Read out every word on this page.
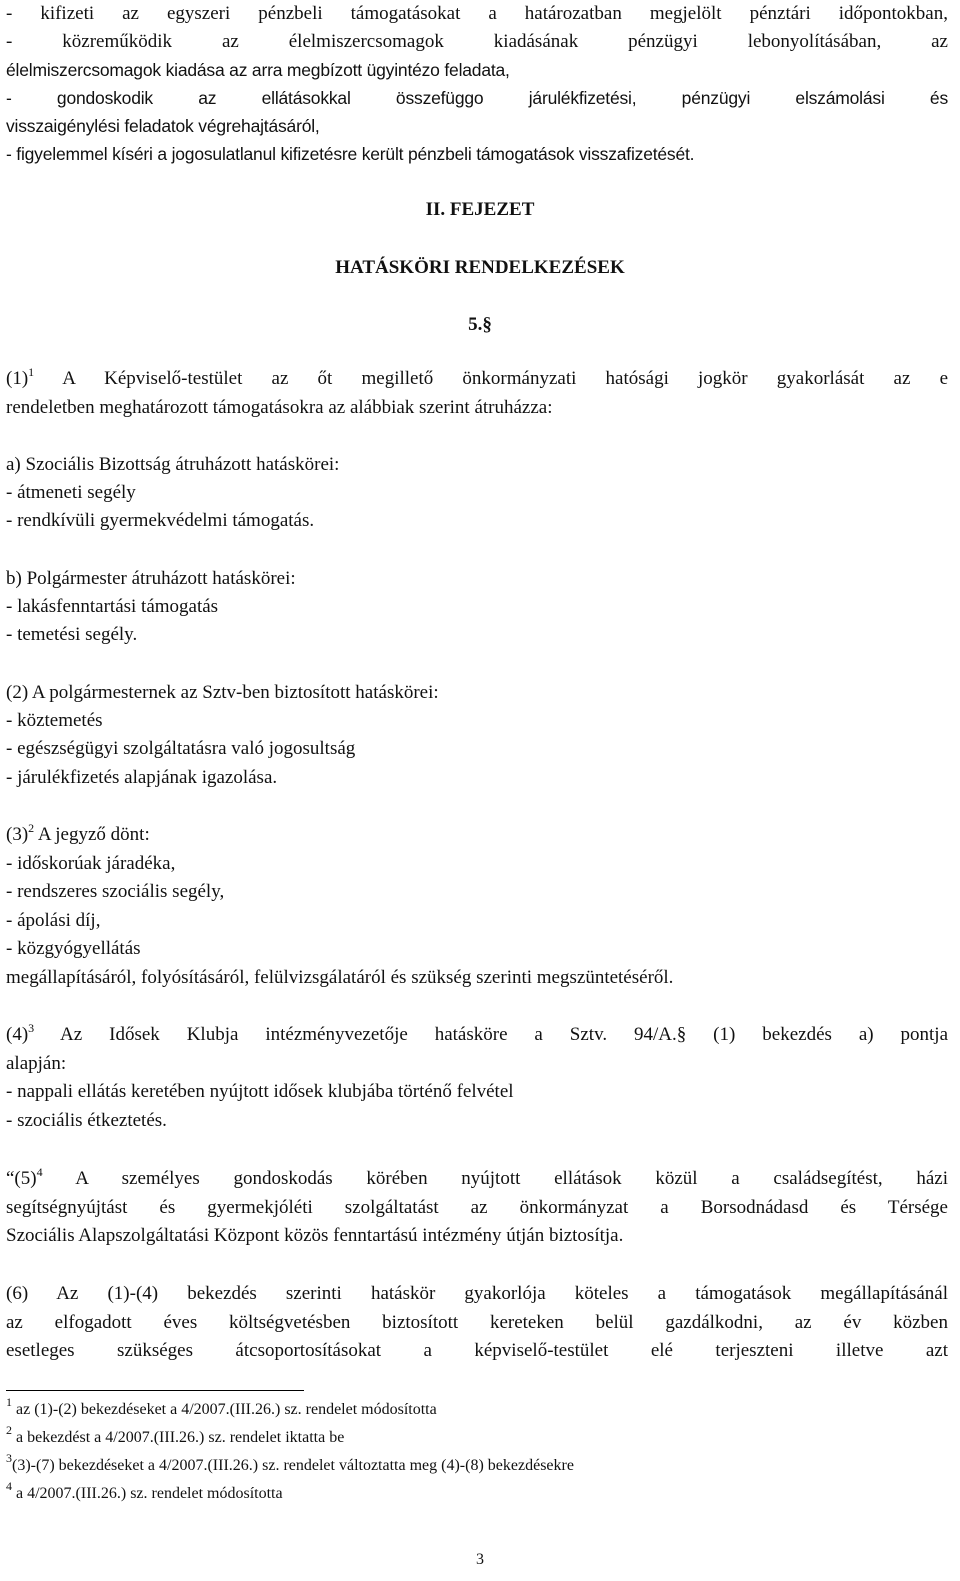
- kifizeti az egyszeri pénzbeli támogatásokat a határozatban megjelölt pénztári időpontokban,
- közreműködik az élelmiszercsomagok kiadásának pénzügyi lebonyolításában, az
élelmiszercsomagok kiadása az arra megbízott ügyintézo feladata,
- gondoskodik az ellátásokkal összefüggo járulékfizetési, pénzügyi elszámolási és
visszaigénylési feladatok végrehajtásáról,
- figyelemmel kíséri a jogosulatlanul kifizetésre került pénzbeli támogatások visszafizetését.
II. FEJEZET
HATÁSKÖRI RENDELKEZÉSEK
5.§
$(1)^1$ A Képviselő-testület az őt megillető önkormányzati hatósági jogkör gyakorlását az e
rendeletben meghatározott támogatásokra az alábbiak szerint átruházza:
a) Szociális Bizottság átruházott hatáskörei:
- átmeneti segély
- rendkívüli gyermekvédelmi támogatás.
b) Polgármester átruházott hatáskörei:
- lakásfenntartási támogatás
- temetési segély.
(2) A polgármesternek az Sztv-ben biztosított hatáskörei:
- köztemetés
- egészségügyi szolgáltatásra való jogosultság
- járulékfizetés alapjának igazolása.
$(3)^2$ A jegyző dönt:
- időskorúak járadéka,
- rendszeres szociális segély,
- ápolási díj,
- közgyógyellátás
megállapításáról, folyósításáról, felülvizsgálatáról és szükség szerinti megszüntetéséről.
$(4)^3$ Az Idősek Klubja intézményvezetője hatásköre a Sztv. 94/A.§ (1) bekezdés a) pontja
alapján:
- nappali ellátás keretében nyújtott idősek klubjába történő felvétel
- szociális étkeztetés.
“$(5)^4$ A személyes gondoskodás körében nyújtott ellátások közül a családsegítést, házi
segítségnyújtást és gyermekjóléti szolgáltatást az önkormányzat a Borsodnádasd és Térsége
Szociális Alapszolgáltatási Központ közös fenntartású intézmény útján biztosítja.
(6) Az (1)-(4) bekezdés szerinti hatáskör gyakorlója köteles a támogatások megállapításánál
az elfogadott éves költségvetésben biztosított kereteken belül gazdálkodni, az év közben
esetleges szükséges átcsoportosításokat a képviselő-testület elé terjeszteni illetve azt
$^1$ az (1)-(2) bekezdéseket a 4/2007.(III.26.) sz. rendelet módosította
$^2$ a bekezdést a 4/2007.(III.26.) sz. rendelet iktatta be
$^3$(3)-(7) bekezdéseket a 4/2007.(III.26.) sz. rendelet változtatta meg (4)-(8) bekezdésekre
$^4$ a 4/2007.(III.26.) sz. rendelet módosította
3
